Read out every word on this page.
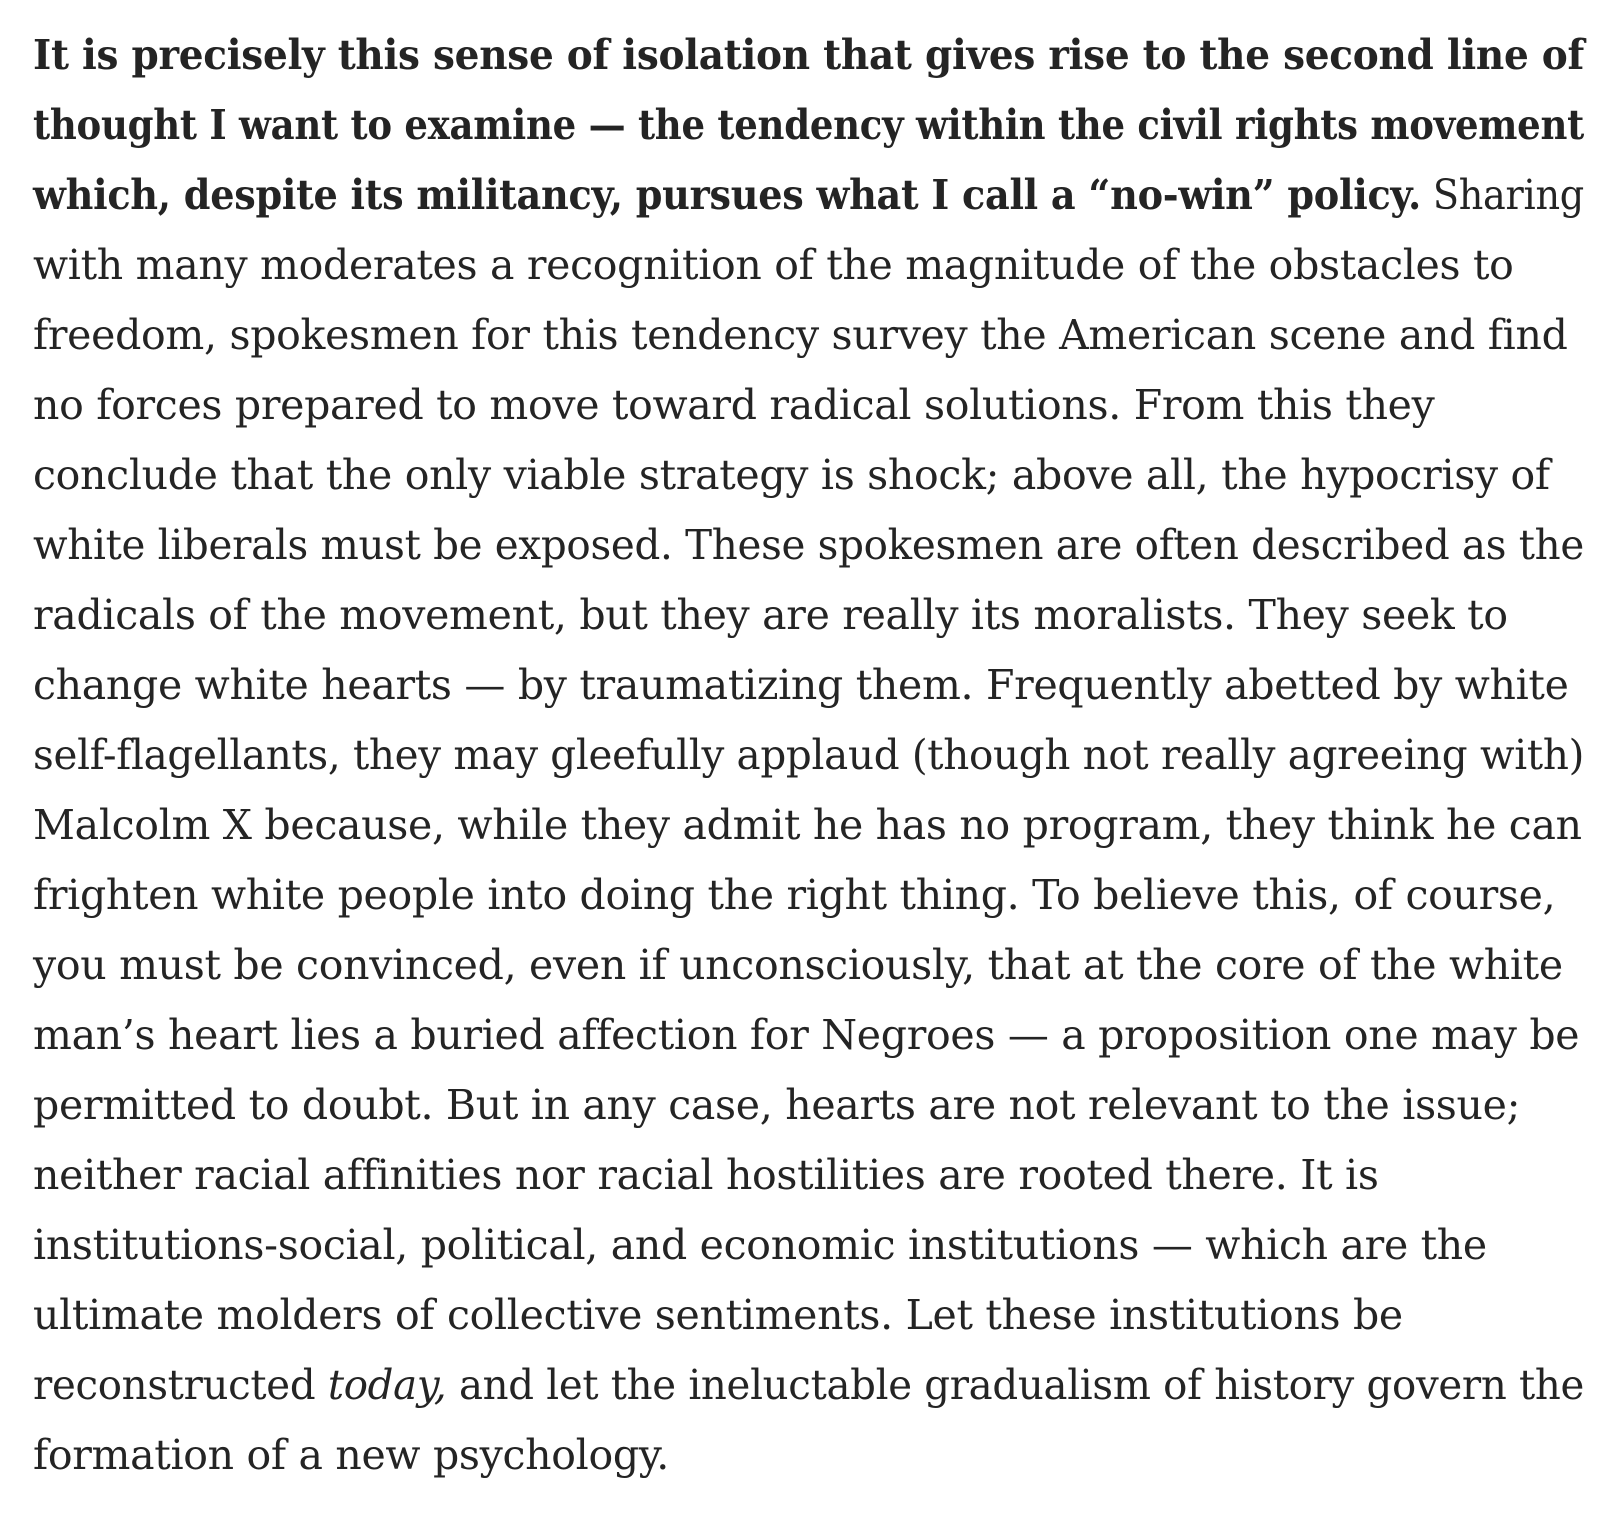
It is precisely this sense of isolation that gives rise to the second line of
thought I want to examine — the tendency within the civil rights movement
which, despite its militancy, pursues what I call a “no-win” policy. Sharing
with many moderates a recognition of the magnitude of the obstacles to
freedom, spokesmen for this tendency survey the American scene and find
no forces prepared to move toward radical solutions. From this they
conclude that the only viable strategy is shock; above all, the hypocrisy of
white liberals must be exposed. These spokesmen are often described as the
radicals of the movement, but they are really its moralists. They seek to
change white hearts — by traumatizing them. Frequently abetted by white
self-flagellants, they may gleefully applaud (though not really agreeing with)
Malcolm X because, while they admit he has no program, they think he can
frighten white people into doing the right thing. To believe this, of course,
you must be convinced, even if unconsciously, that at the core of the white
man’s heart lies a buried affection for Negroes — a proposition one may be
permitted to doubt. But in any case, hearts are not relevant to the issue;
neither racial affinities nor racial hostilities are rooted there. It is
institutions-social, political, and economic institutions — which are the
ultimate molders of collective sentiments. Let these institutions be
reconstructed today, and let the ineluctable gradualism of history govern the
formation of a new psychology.
